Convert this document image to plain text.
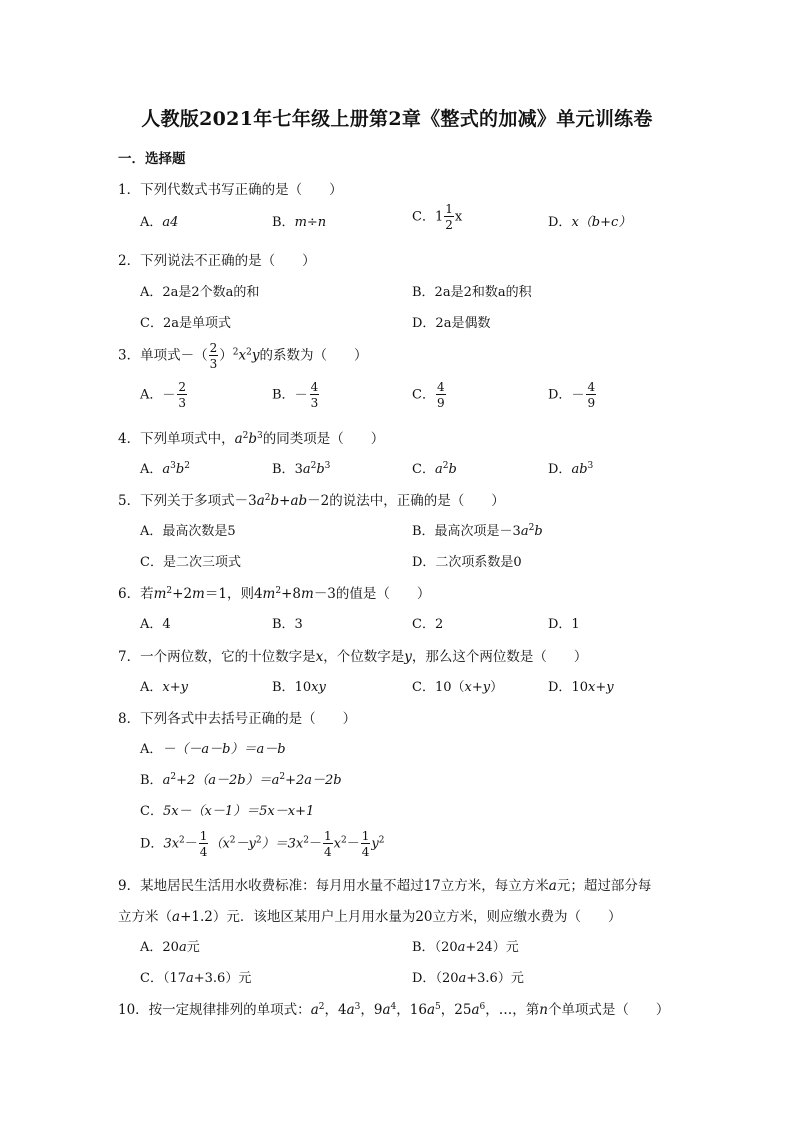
人教版2021年七年级上册第2章《整式的加减》单元训练卷
一．选择题
1．下列代数式书写正确的是（　　）
A．a4	B．m÷n	C．$1 \frac{1}{2}$ x	D．x（b+c）
2．下列说法不正确的是（　　）
A．2a是2个数a的和	B．2a是2和数a的积
C．2a是单项式	D．2a是偶数
3．单项式－（ $\frac{2}{3} )^2x^2y$的系数为（　　）
A．－ $\frac{2}{3}$	B．－ $\frac{4}{3}$	C． $\frac{4}{9}$	D．－ $\frac{4}{9}$
4．下列单项式中，$a^2b^3$的同类项是（　　）
A．$a^3b^2$	B．$3a^2b^3$	C．$a^2b$	D．$ab^3$
5．下列关于多项式$-3a^2b+ab-2$的说法中，正确的是（　　）
A．最高次数是5	B．最高次项是$-3a^2b$
C．是二次三项式	D．二次项系数是0
6．若$m^2+2m=1$，则$4m^2+8m-3$的值是（　　）
A．4	B．3	C．2	D．1
7．一个两位数，它的十位数字是x，个位数字是y，那么这个两位数是（　　）
A．x+y	B．10xy	C．10（x+y）	D．10x+y
8．下列各式中去括号正确的是（　　）
A．－（－a－b）＝a－b
B．$a^2+2(a-2b)=a^2+2a-2b$
C．5x－（x－1）＝5x－x+1
D．$3x^2- \frac{1}{4} (x^2-y^2)=3x^2- \frac{1}{4} x^2- \frac{1}{4} y^2$
9．某地居民生活用水收费标准：每月用水量不超过17立方米，每立方米a元；超过部分每
立方米（a+1.2）元．该地区某用户上月用水量为20立方米，则应缴水费为（　　）
A．20a元	B．（20a+24）元
C．（17a+3.6）元	D．（20a+3.6）元
10．按一定规律排列的单项式：$a^2$，$4a^3$，$9a^4$，$16a^5$，$25a^6$，…，第n个单项式是（　　）
